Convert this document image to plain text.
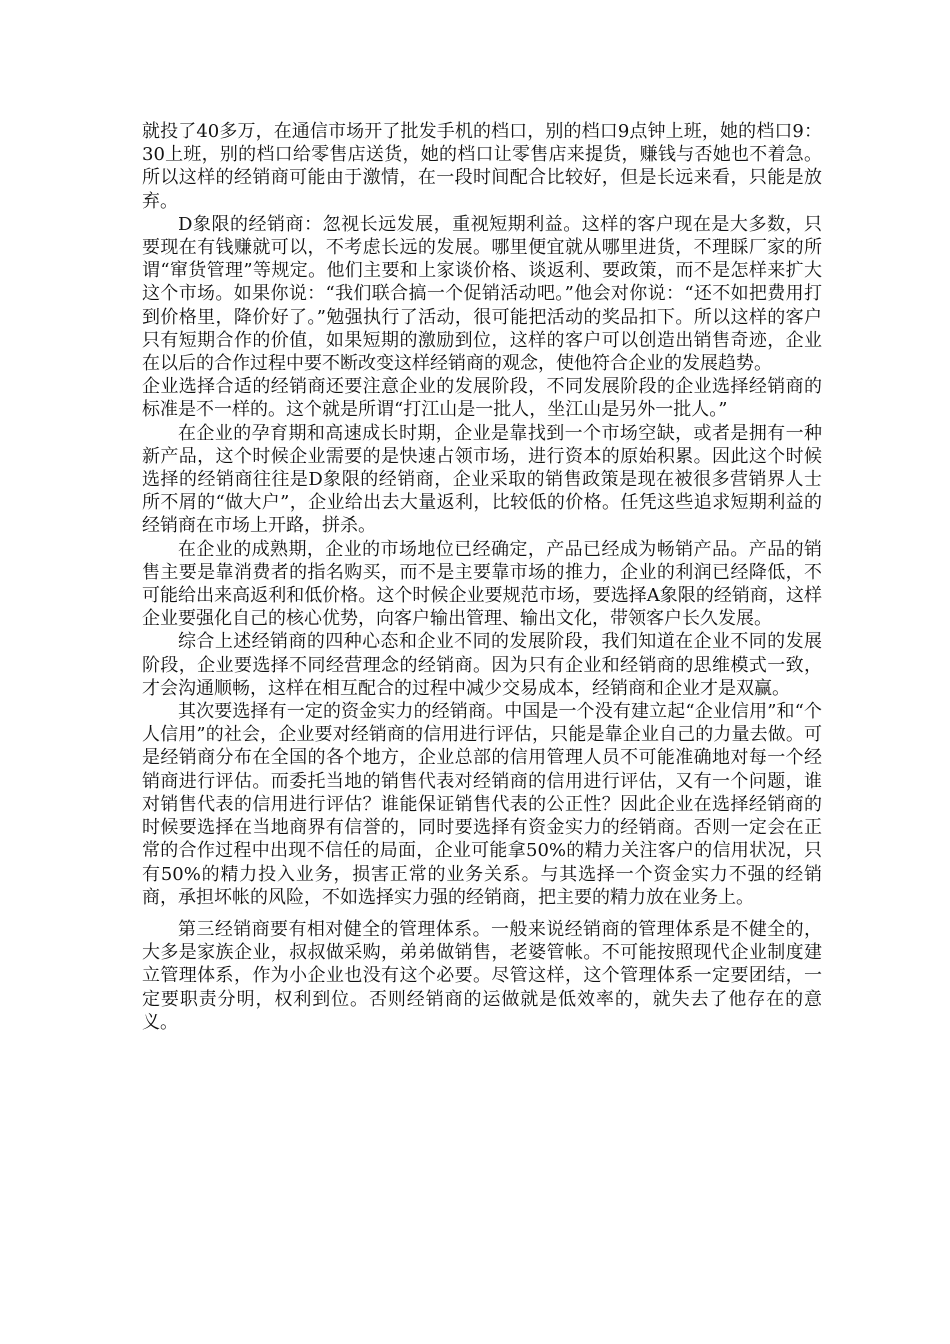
就投了40多万，在通信市场开了批发手机的档口，别的档口9点钟上班，她的档口9：30上班，别的档口给零售店送货，她的档口让零售店来提货，赚钱与否她也不着急。所以这样的经销商可能由于激情，在一段时间配合比较好，但是长远来看，只能是放弃。

D象限的经销商：忽视长远发展，重视短期利益。这样的客户现在是大多数，只要现在有钱赚就可以，不考虑长远的发展。哪里便宜就从哪里进货，不理睬厂家的所谓“窜货管理”等规定。他们主要和上家谈价格、谈返利、要政策，而不是怎样来扩大这个市场。如果你说：“我们联合搞一个促销活动吧。”他会对你说：“还不如把费用打到价格里，降价好了。”勉强执行了活动，很可能把活动的奖品扣下。所以这样的客户只有短期合作的价值，如果短期的激励到位，这样的客户可以创造出销售奇迹，企业在以后的合作过程中要不断改变这样经销商的观念，使他符合企业的发展趋势。

企业选择合适的经销商还要注意企业的发展阶段，不同发展阶段的企业选择经销商的标准是不一样的。这个就是所谓“打江山是一批人，坐江山是另外一批人。”

在企业的孕育期和高速成长时期，企业是靠找到一个市场空缺，或者是拥有一种新产品，这个时候企业需要的是快速占领市场，进行资本的原始积累。因此这个时候选择的经销商往往是D象限的经销商，企业采取的销售政策是现在被很多营销界人士所不屑的“做大户”，企业给出去大量返利，比较低的价格。任凭这些追求短期利益的经销商在市场上开路，拼杀。

在企业的成熟期，企业的市场地位已经确定，产品已经成为畅销产品。产品的销售主要是靠消费者的指名购买，而不是主要靠市场的推力，企业的利润已经降低，不可能给出来高返利和低价格。这个时候企业要规范市场，要选择A象限的经销商，这样企业要强化自己的核心优势，向客户输出管理、输出文化，带领客户长久发展。

综合上述经销商的四种心态和企业不同的发展阶段，我们知道在企业不同的发展阶段，企业要选择不同经营理念的经销商。因为只有企业和经销商的思维模式一致，才会沟通顺畅，这样在相互配合的过程中减少交易成本，经销商和企业才是双赢。

其次要选择有一定的资金实力的经销商。中国是一个没有建立起“企业信用”和“个人信用”的社会，企业要对经销商的信用进行评估，只能是靠企业自己的力量去做。可是经销商分布在全国的各个地方，企业总部的信用管理人员不可能准确地对每一个经销商进行评估。而委托当地的销售代表对经销商的信用进行评估，又有一个问题，谁对销售代表的信用进行评估？谁能保证销售代表的公正性？因此企业在选择经销商的时候要选择在当地商界有信誉的，同时要选择有资金实力的经销商。否则一定会在正常的合作过程中出现不信任的局面，企业可能拿50%的精力关注客户的信用状况，只有50%的精力投入业务，损害正常的业务关系。与其选择一个资金实力不强的经销商，承担坏帐的风险，不如选择实力强的经销商，把主要的精力放在业务上。

第三经销商要有相对健全的管理体系。一般来说经销商的管理体系是不健全的，大多是家族企业，叔叔做采购，弟弟做销售，老婆管帐。不可能按照现代企业制度建立管理体系，作为小企业也没有这个必要。尽管这样，这个管理体系一定要团结，一定要职责分明，权利到位。否则经销商的运做就是低效率的，就失去了他存在的意义。
